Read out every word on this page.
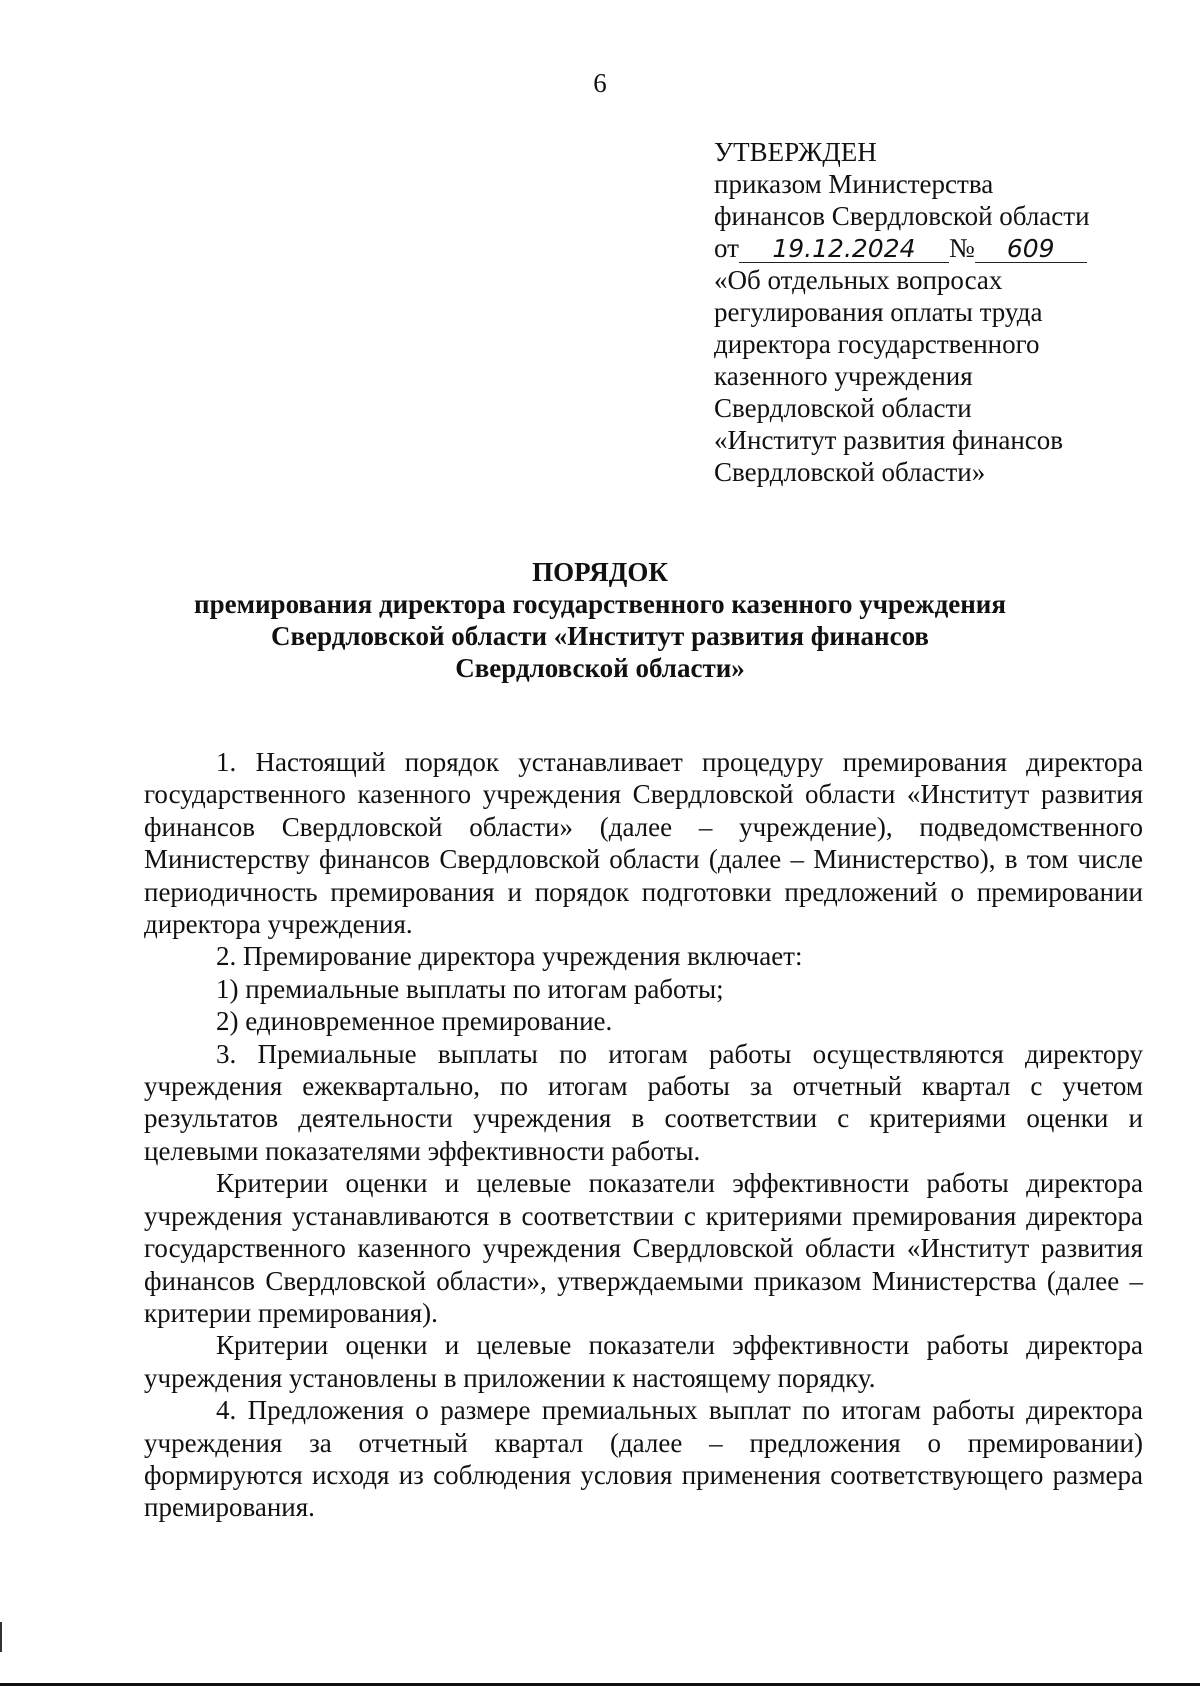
6
УТВЕРЖДЕН
приказом Министерства
финансов Свердловской области
от 19.12.2024 № 609
«Об отдельных вопросах
регулирования оплаты труда
директора государственного
казенного учреждения
Свердловской области
«Институт развития финансов
Свердловской области»
ПОРЯДОК
премирования директора государственного казенного учреждения
Свердловской области «Институт развития финансов
Свердловской области»

1. Настоящий порядок устанавливает процедуру премирования директора государственного казенного учреждения Свердловской области «Институт развития финансов Свердловской области» (далее – учреждение), подведомственного Министерству финансов Свердловской области (далее – Министерство), в том числе периодичность премирования и порядок подготовки предложений о премировании директора учреждения.

2. Премирование директора учреждения включает:

1) премиальные выплаты по итогам работы;

2) единовременное премирование.

3. Премиальные выплаты по итогам работы осуществляются директору учреждения ежеквартально, по итогам работы за отчетный квартал с учетом результатов деятельности учреждения в соответствии с критериями оценки и целевыми показателями эффективности работы.

Критерии оценки и целевые показатели эффективности работы директора учреждения устанавливаются в соответствии с критериями премирования директора государственного казенного учреждения Свердловской области «Институт развития финансов Свердловской области», утверждаемыми приказом Министерства (далее – критерии премирования).

Критерии оценки и целевые показатели эффективности работы директора учреждения установлены в приложении к настоящему порядку.

4. Предложения о размере премиальных выплат по итогам работы директора учреждения за отчетный квартал (далее – предложения о премировании) формируются исходя из соблюдения условия применения соответствующего размера премирования.
